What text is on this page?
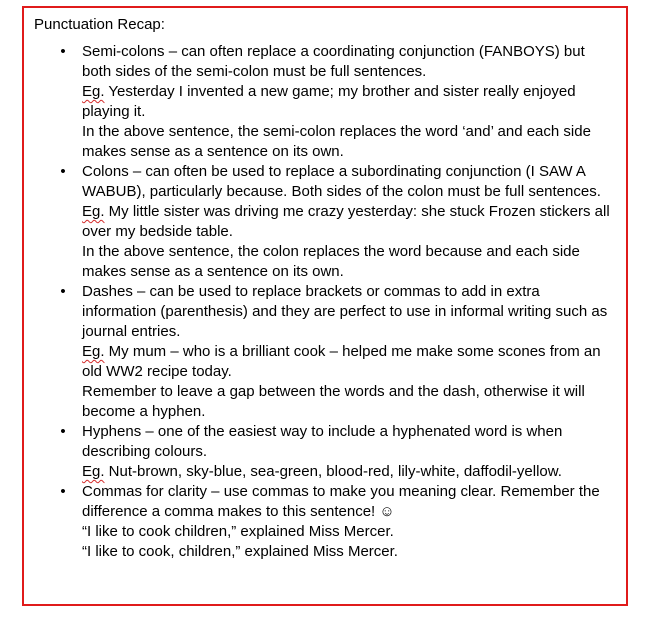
Punctuation Recap:

• Semi-colons – can often replace a coordinating conjunction (FANBOYS) but both sides of the semi-colon must be full sentences.
Eg. Yesterday I invented a new game; my brother and sister really enjoyed playing it.
In the above sentence, the semi-colon replaces the word ‘and’ and each side makes sense as a sentence on its own.
• Colons – can often be used to replace a subordinating conjunction (I SAW A WABUB), particularly because. Both sides of the colon must be full sentences.
Eg. My little sister was driving me crazy yesterday: she stuck Frozen stickers all over my bedside table.
In the above sentence, the colon replaces the word because and each side makes sense as a sentence on its own.
• Dashes – can be used to replace brackets or commas to add in extra information (parenthesis) and they are perfect to use in informal writing such as journal entries.
Eg. My mum – who is a brilliant cook – helped me make some scones from an old WW2 recipe today.
Remember to leave a gap between the words and the dash, otherwise it will become a hyphen.
• Hyphens – one of the easiest way to include a hyphenated word is when describing colours.
Eg. Nut-brown, sky-blue, sea-green, blood-red, lily-white, daffodil-yellow.
• Commas for clarity – use commas to make you meaning clear. Remember the difference a comma makes to this sentence! ☺
“I like to cook children,” explained Miss Mercer.
“I like to cook, children,” explained Miss Mercer.
